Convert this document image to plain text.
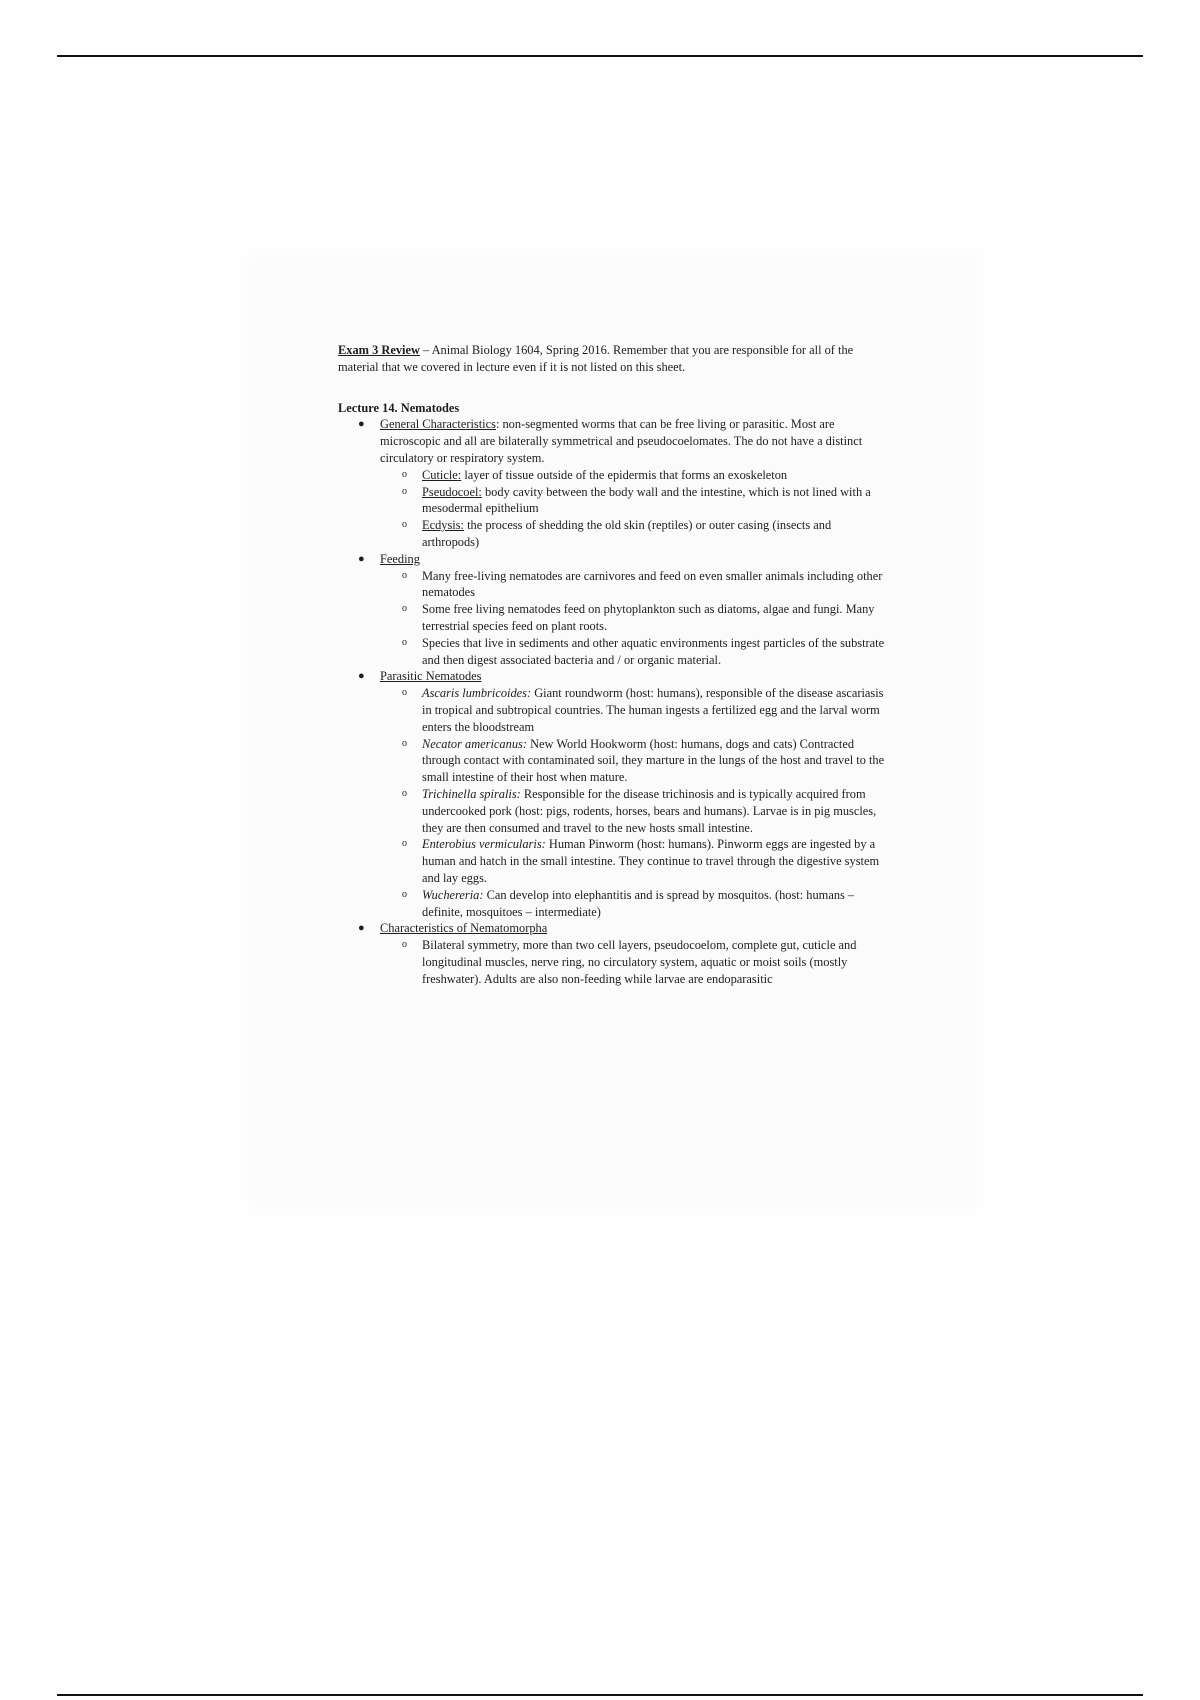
Exam 3 Review – Animal Biology 1604, Spring 2016. Remember that you are responsible for all of the material that we covered in lecture even if it is not listed on this sheet.

Lecture 14. Nematodes

● General Characteristics: non-segmented worms that can be free living or parasitic. Most are microscopic and all are bilaterally symmetrical and pseudocoelomates. The do not have a distinct circulatory or respiratory system.
o Cuticle: layer of tissue outside of the epidermis that forms an exoskeleton
o Pseudocoel: body cavity between the body wall and the intestine, which is not lined with a mesodermal epithelium
o Ecdysis: the process of shedding the old skin (reptiles) or outer casing (insects and arthropods)
● Feeding
o Many free-living nematodes are carnivores and feed on even smaller animals including other nematodes
o Some free living nematodes feed on phytoplankton such as diatoms, algae and fungi. Many terrestrial species feed on plant roots.
o Species that live in sediments and other aquatic environments ingest particles of the substrate and then digest associated bacteria and / or organic material.
● Parasitic Nematodes
o Ascaris lumbricoides: Giant roundworm (host: humans), responsible of the disease ascariasis in tropical and subtropical countries. The human ingests a fertilized egg and the larval worm enters the bloodstream
o Necator americanus: New World Hookworm (host: humans, dogs and cats) Contracted through contact with contaminated soil, they marture in the lungs of the host and travel to the small intestine of their host when mature.
o Trichinella spiralis: Responsible for the disease trichinosis and is typically acquired from undercooked pork (host: pigs, rodents, horses, bears and humans). Larvae is in pig muscles, they are then consumed and travel to the new hosts small intestine.
o Enterobius vermicularis: Human Pinworm (host: humans). Pinworm eggs are ingested by a human and hatch in the small intestine. They continue to travel through the digestive system and lay eggs.
o Wuchereria: Can develop into elephantitis and is spread by mosquitos. (host: humans – definite, mosquitoes – intermediate)
● Characteristics of Nematomorpha
o Bilateral symmetry, more than two cell layers, pseudocoelom, complete gut, cuticle and longitudinal muscles, nerve ring, no circulatory system, aquatic or moist soils (mostly freshwater). Adults are also non-feeding while larvae are endoparasitic
